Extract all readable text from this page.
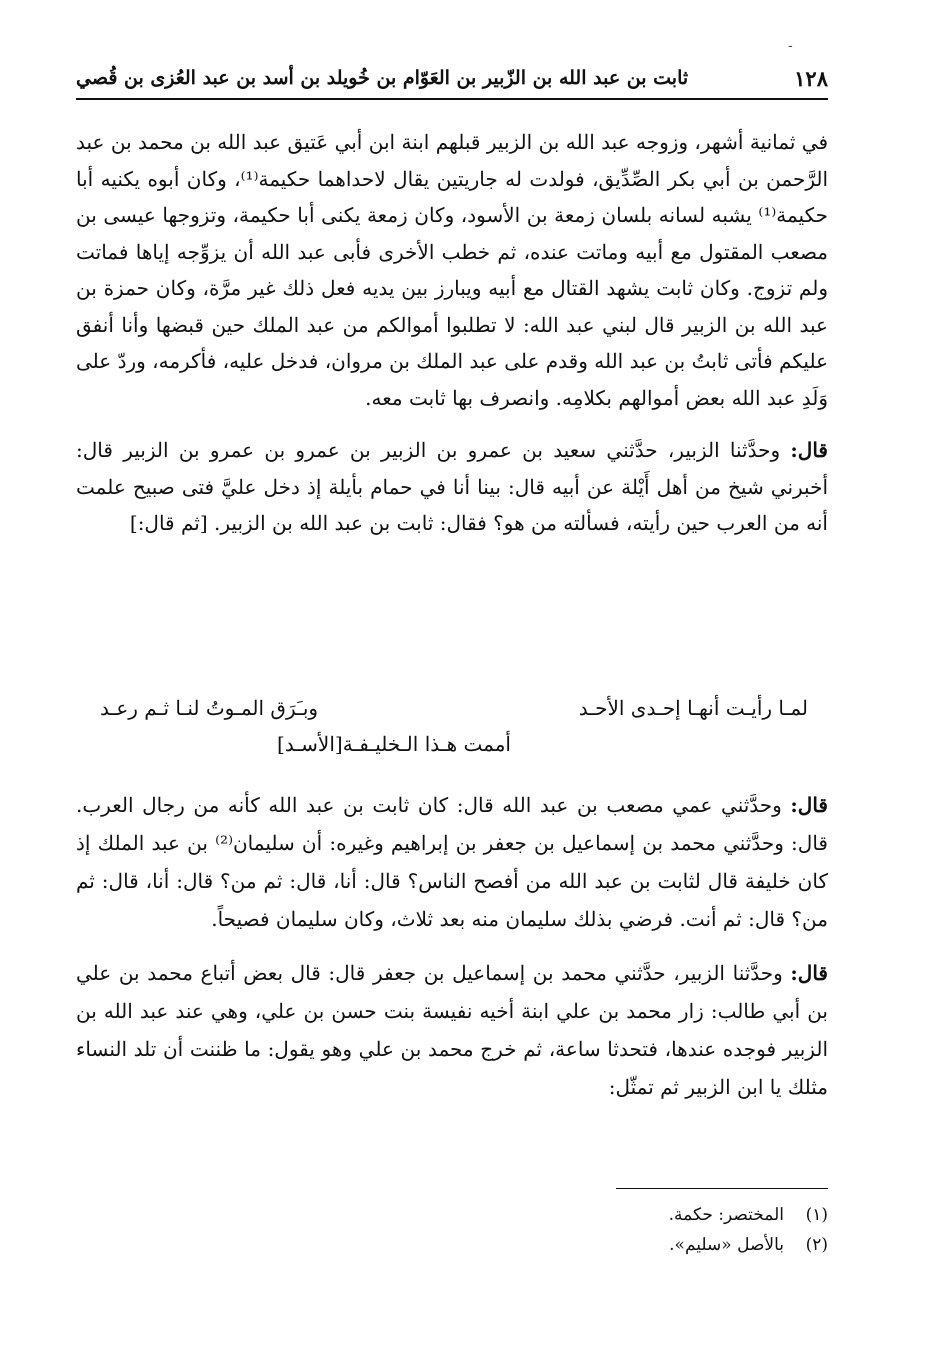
-
١٢٨
ثابت بن عبد الله بن الزّبير بن العَوّام بن خُويلد بن أسد بن عبد العُزى بن قُصي

في ثمانية أشهر، وزوجه عبد الله بن الزبير قبلهم ابنة ابن أبي عَتيق عبد الله بن محمد بن عبد الرَّحمن بن أبي بكر الصِّدِّيق، فولدت له جاريتين يقال لاحداهما حكيمة⁽¹⁾، وكان أبوه يكنيه أبا حكيمة⁽¹⁾ يشبه لسانه بلسان زمعة بن الأسود، وكان زمعة يكنى أبا حكيمة، وتزوجها عيسى بن مصعب المقتول مع أبيه وماتت عنده، ثم خطب الأخرى فأبى عبد الله أن يزوِّجه إياها فماتت ولم تزوج. وكان ثابت يشهد القتال مع أبيه ويبارز بين يديه فعل ذلك غير مرَّة، وكان حمزة بن عبد الله بن الزبير قال لبني عبد الله: لا تطلبوا أموالكم من عبد الملك حين قبضها وأنا أنفق عليكم فأتى ثابتُ بن عبد الله وقدم على عبد الملك بن مروان، فدخل عليه، فأكرمه، وردّ على وَلَدِ عبد الله بعض أموالهم بكلامِه. وانصرف بها ثابت معه.

قال: وحدَّثنا الزبير، حدَّثني سعيد بن عمرو بن الزبير بن عمرو بن عمرو بن الزبير قال: أخبرني شيخ من أهل أَيْلة عن أبيه قال: بينا أنا في حمام بأيلة إذ دخل عليَّ فتى صبيح علمت أنه من العرب حين رأيته، فسألته من هو؟ فقال: ثابت بن عبد الله بن الزبير. [ثم قال:]

لمـا رأيـت أنهـا إحـدى الأحـد
وبـَرَق المـوتُ لنـا ثـم رعـد
أممت هـذا الـخليـفـة[الأسـد]

قال: وحدَّثني عمي مصعب بن عبد الله قال: كان ثابت بن عبد الله كأنه من رجال العرب. قال: وحدَّثني محمد بن إسماعيل بن جعفر بن إبراهيم وغيره: أن سليمان⁽²⁾ بن عبد الملك إذ كان خليفة قال لثابت بن عبد الله من أفصح الناس؟ قال: أنا، قال: ثم من؟ قال: أنا، قال: ثم من؟ قال: ثم أنت. فرضي بذلك سليمان منه بعد ثلاث، وكان سليمان فصيحاً.

قال: وحدَّثنا الزبير، حدَّثني محمد بن إسماعيل بن جعفر قال: قال بعض أتباع محمد بن علي بن أبي طالب: زار محمد بن علي ابنة أخيه نفيسة بنت حسن بن علي، وهي عند عبد الله بن الزبير فوجده عندها، فتحدثا ساعة، ثم خرج محمد بن علي وهو يقول: ما ظننت أن تلد النساء مثلك يا ابن الزبير ثم تمثّل:

(١)
المختصر: حكمة.
(٢)
بالأصل «سليم».
